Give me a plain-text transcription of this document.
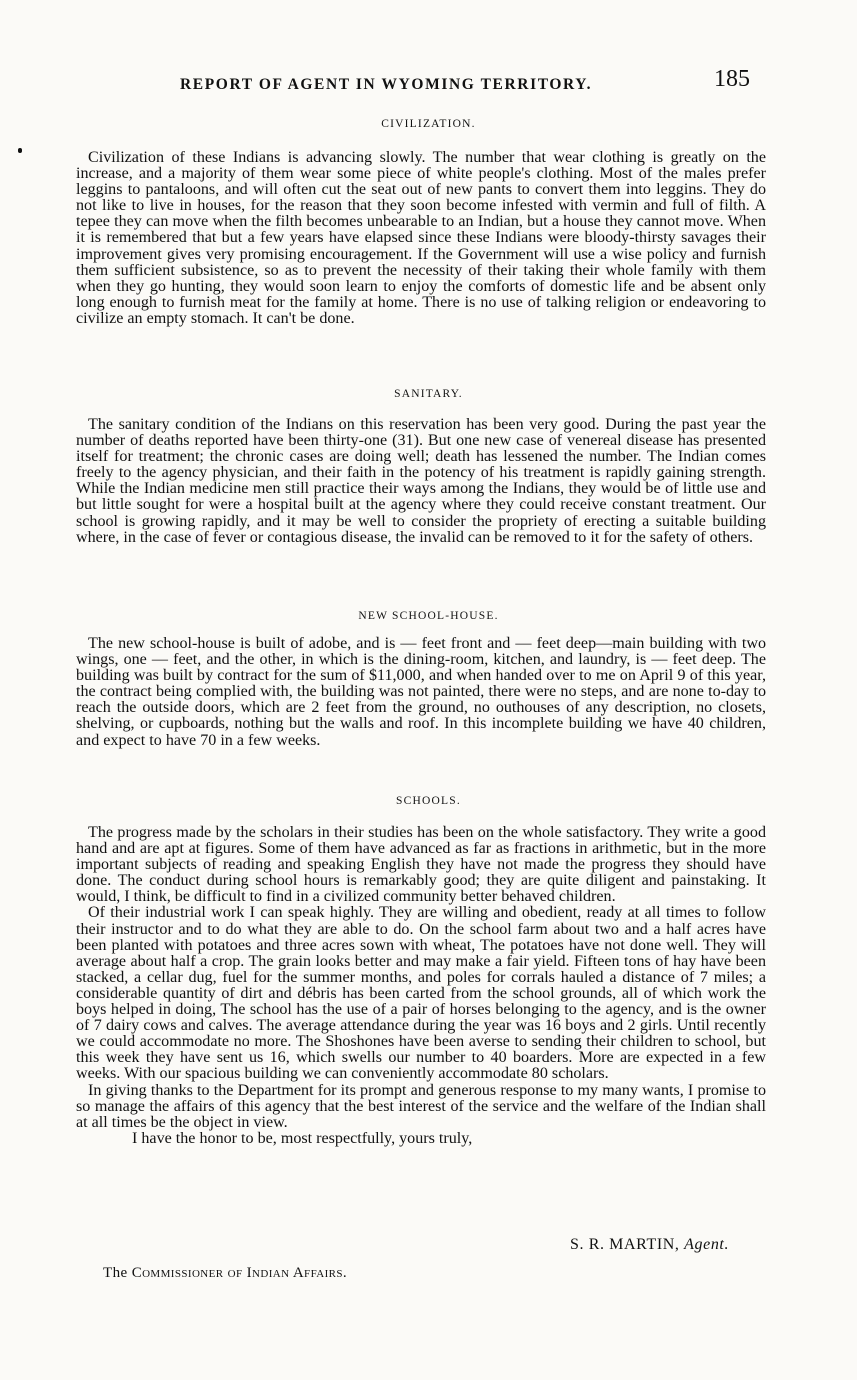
REPORT OF AGENT IN WYOMING TERRITORY.	185
CIVILIZATION.

Civilization of these Indians is advancing slowly. The number that wear clothing is greatly on the increase, and a majority of them wear some piece of white people's clothing. Most of the males prefer leggins to pantaloons, and will often cut the seat out of new pants to convert them into leggins. They do not like to live in houses, for the reason that they soon become infested with vermin and full of filth. A tepee they can move when the filth becomes unbearable to an Indian, but a house they cannot move. When it is remembered that but a few years have elapsed since these Indians were bloody-thirsty savages their improvement gives very promising encouragement. If the Government will use a wise policy and furnish them sufficient subsistence, so as to prevent the necessity of their taking their whole family with them when they go hunting, they would soon learn to enjoy the comforts of domestic life and be absent only long enough to furnish meat for the family at home. There is no use of talking religion or endeavoring to civilize an empty stomach. It can't be done.

SANITARY.

The sanitary condition of the Indians on this reservation has been very good. During the past year the number of deaths reported have been thirty-one (31). But one new case of venereal disease has presented itself for treatment; the chronic cases are doing well; death has lessened the number. The Indian comes freely to the agency physician, and their faith in the potency of his treatment is rapidly gaining strength. While the Indian medicine men still practice their ways among the Indians, they would be of little use and but little sought for were a hospital built at the agency where they could receive constant treatment. Our school is growing rapidly, and it may be well to consider the propriety of erecting a suitable building where, in the case of fever or contagious disease, the invalid can be removed to it for the safety of others.

NEW SCHOOL-HOUSE.

The new school-house is built of adobe, and is — feet front and — feet deep—main building with two wings, one — feet, and the other, in which is the dining-room, kitchen, and laundry, is — feet deep. The building was built by contract for the sum of $11,000, and when handed over to me on April 9 of this year, the contract being complied with, the building was not painted, there were no steps, and are none to-day to reach the outside doors, which are 2 feet from the ground, no outhouses of any description, no closets, shelving, or cupboards, nothing but the walls and roof. In this incomplete building we have 40 children, and expect to have 70 in a few weeks.

SCHOOLS.

The progress made by the scholars in their studies has been on the whole satisfactory. They write a good hand and are apt at figures. Some of them have advanced as far as fractions in arithmetic, but in the more important subjects of reading and speaking English they have not made the progress they should have done. The conduct during school hours is remarkably good; they are quite diligent and painstaking. It would, I think, be difficult to find in a civilized community better behaved children.

Of their industrial work I can speak highly. They are willing and obedient, ready at all times to follow their instructor and to do what they are able to do. On the school farm about two and a half acres have been planted with potatoes and three acres sown with wheat, The potatoes have not done well. They will average about half a crop. The grain looks better and may make a fair yield. Fifteen tons of hay have been stacked, a cellar dug, fuel for the summer months, and poles for corrals hauled a distance of 7 miles; a considerable quantity of dirt and débris has been carted from the school grounds, all of which work the boys helped in doing, The school has the use of a pair of horses belonging to the agency, and is the owner of 7 dairy cows and calves. The average attendance during the year was 16 boys and 2 girls. Until recently we could accommodate no more. The Shoshones have been averse to sending their children to school, but this week they have sent us 16, which swells our number to 40 boarders. More are expected in a few weeks. With our spacious building we can conveniently accommodate 80 scholars.

In giving thanks to the Department for its prompt and generous response to my many wants, I promise to so manage the affairs of this agency that the best interest of the service and the welfare of the Indian shall at all times be the object in view.

I have the honor to be, most respectfully, yours truly,

S. R. MARTIN, Agent.
The Commissioner of Indian Affairs.
